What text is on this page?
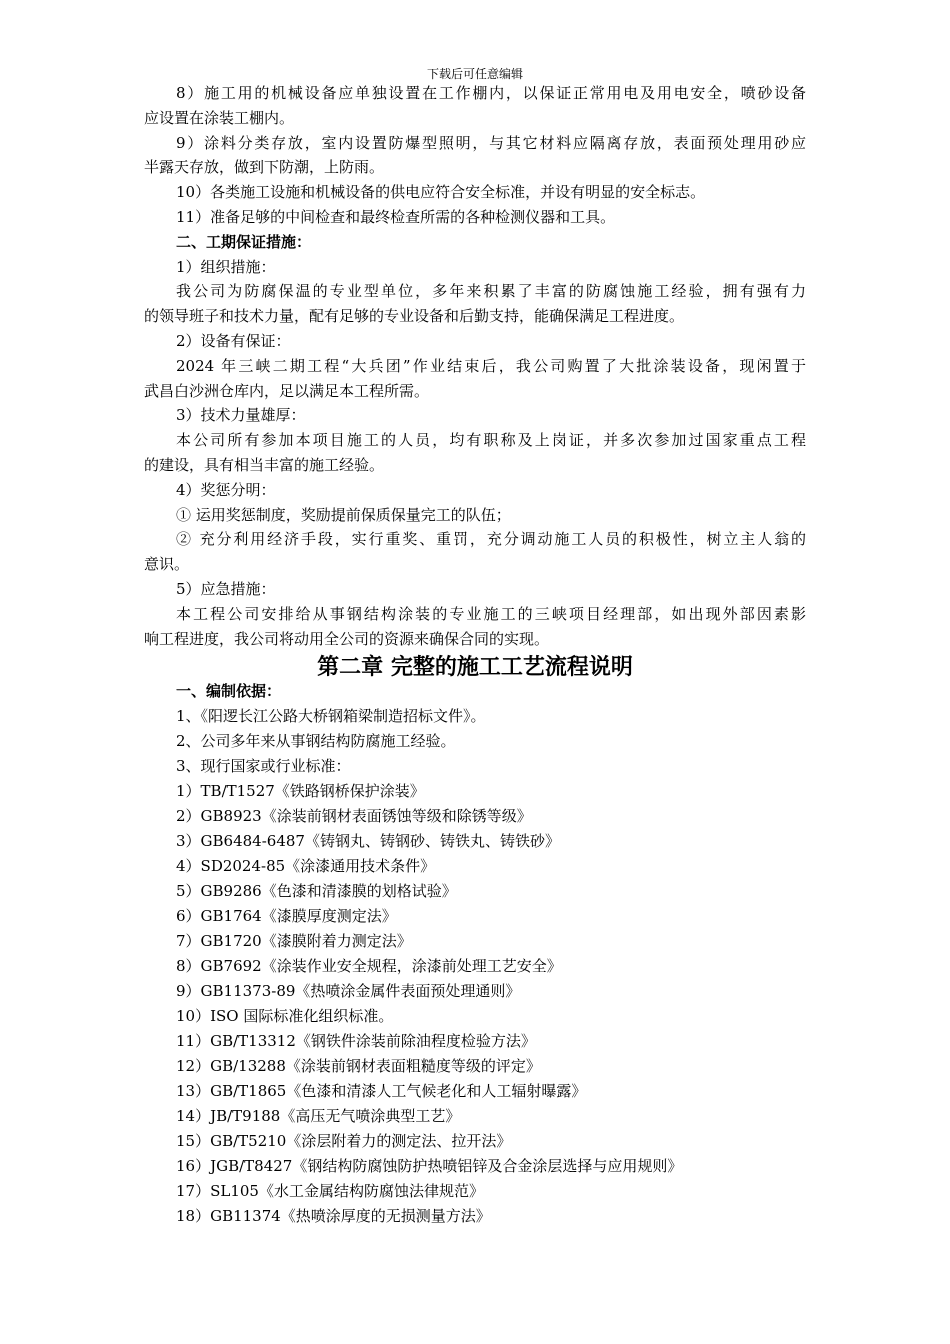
下载后可任意编辑
8）施工用的机械设备应单独设置在工作棚内，以保证正常用电及用电安全，喷砂设备
应设置在涂装工棚内。
9）涂料分类存放，室内设置防爆型照明，与其它材料应隔离存放，表面预处理用砂应
半露天存放，做到下防潮，上防雨。
10）各类施工设施和机械设备的供电应符合安全标准，并设有明显的安全标志。
11）准备足够的中间检查和最终检查所需的各种检测仪器和工具。
二、工期保证措施：
1）组织措施：
我公司为防腐保温的专业型单位，多年来积累了丰富的防腐蚀施工经验，拥有强有力
的领导班子和技术力量，配有足够的专业设备和后勤支持，能确保满足工程进度。
2）设备有保证：
2024 年三峡二期工程“大兵团”作业结束后，我公司购置了大批涂装设备，现闲置于
武昌白沙洲仓库内，足以满足本工程所需。
3）技术力量雄厚：
本公司所有参加本项目施工的人员，均有职称及上岗证，并多次参加过国家重点工程
的建设，具有相当丰富的施工经验。
4）奖惩分明：
① 运用奖惩制度，奖励提前保质保量完工的队伍；
② 充分利用经济手段，实行重奖、重罚，充分调动施工人员的积极性，树立主人翁的
意识。
5）应急措施：
本工程公司安排给从事钢结构涂装的专业施工的三峡项目经理部，如出现外部因素影
响工程进度，我公司将动用全公司的资源来确保合同的实现。
第二章 完整的施工工艺流程说明
一、编制依据：
1、《阳逻长江公路大桥钢箱梁制造招标文件》。
2、公司多年来从事钢结构防腐施工经验。
3、现行国家或行业标准：
1）TB/T1527《铁路钢桥保护涂装》
2）GB8923《涂装前钢材表面锈蚀等级和除锈等级》
3）GB6484-6487《铸钢丸、铸钢砂、铸铁丸、铸铁砂》
4）SD2024-85《涂漆通用技术条件》
5）GB9286《色漆和清漆膜的划格试验》
6）GB1764《漆膜厚度测定法》
7）GB1720《漆膜附着力测定法》
8）GB7692《涂装作业安全规程，涂漆前处理工艺安全》
9）GB11373-89《热喷涂金属件表面预处理通则》
10）ISO 国际标准化组织标准。
11）GB/T13312《钢铁件涂装前除油程度检验方法》
12）GB/13288《涂装前钢材表面粗糙度等级的评定》
13）GB/T1865《色漆和清漆人工气候老化和人工辐射曝露》
14）JB/T9188《高压无气喷涂典型工艺》
15）GB/T5210《涂层附着力的测定法、拉开法》
16）JGB/T8427《钢结构防腐蚀防护热喷铝锌及合金涂层选择与应用规则》
17）SL105《水工金属结构防腐蚀法律规范》
18）GB11374《热喷涂厚度的无损测量方法》
